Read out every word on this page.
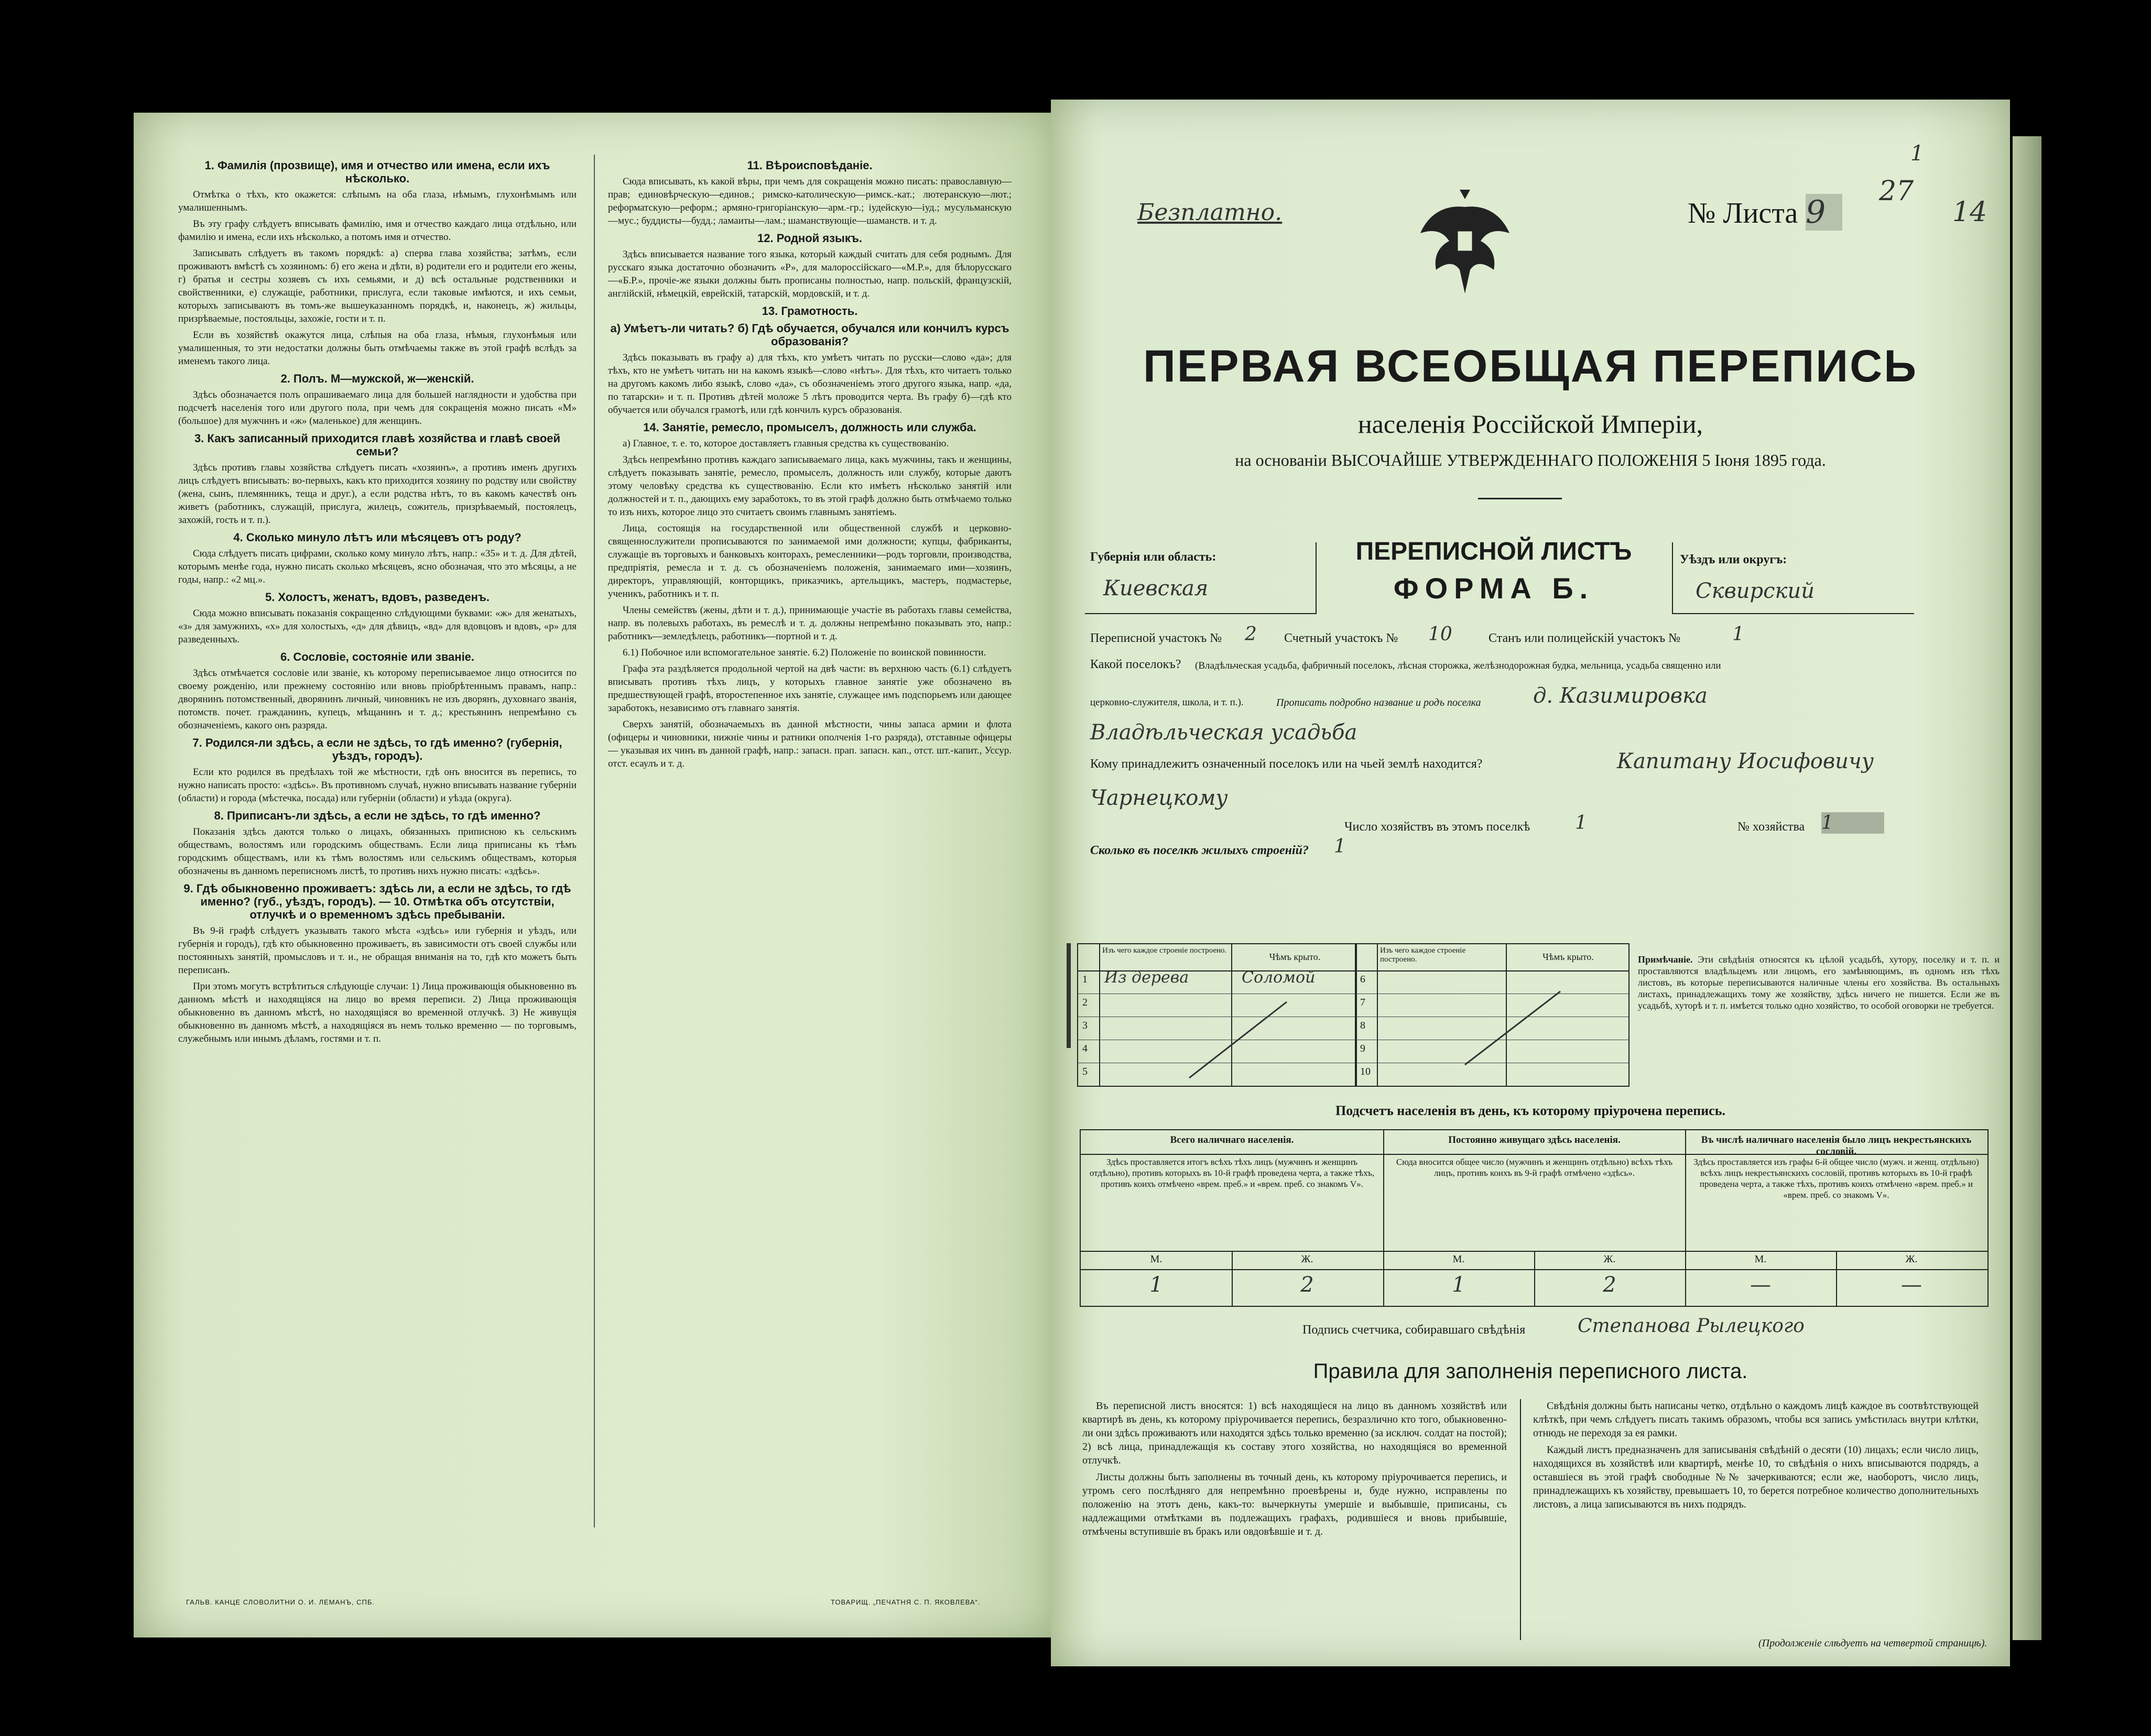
1. Фамилія (прозвище), имя и отчество или имена, если ихъ нѣсколько.

Отмѣтка о тѣхъ, кто окажется: слѣпымъ на оба глаза, нѣмымъ, глухонѣмымъ или умалишеннымъ.

Въ эту графу слѣдуетъ вписывать фамилію, имя и отчество каждаго лица отдѣльно, или фамилію и имена, если ихъ нѣсколько, а потомъ имя и отчество.

Записывать слѣдуетъ въ такомъ порядкѣ: а) сперва глава хозяйства; затѣмъ, если проживаютъ вмѣстѣ съ хозяиномъ: б) его жена и дѣти, в) родители его и родители его жены, г) братья и сестры хозяевъ съ ихъ семьями, и д) всѣ остальные родственники и свойственники, е) служащіе, работники, прислуга, если таковые имѣются, и ихъ семьи, которыхъ записываютъ въ томъ-же вышеуказанномъ порядкѣ, и, наконецъ, ж) жильцы, призрѣваемые, постояльцы, захожіе, гости и т. п.

Если въ хозяйствѣ окажутся лица, слѣпыя на оба глаза, нѣмыя, глухонѣмыя или умалишенныя, то эти недостатки должны быть отмѣчаемы также въ этой графѣ вслѣдъ за именемъ такого лица.

2. Полъ. М—мужской, ж—женскій.

Здѣсь обозначается полъ опрашиваемаго лица для большей наглядности и удобства при подсчетѣ населенія того или другого пола, при чемъ для сокращенія можно писать «М» (большое) для мужчинъ и «ж» (маленькое) для женщинъ.

3. Какъ записанный приходится главѣ хозяйства и главѣ своей семьи?

Здѣсь противъ главы хозяйства слѣдуетъ писать «хозяинъ», а противъ именъ другихъ лицъ слѣдуетъ вписывать: во-первыхъ, какъ кто приходится хозяину по родству или свойству (жена, сынъ, племянникъ, теща и друг.), а если родства нѣтъ, то въ какомъ качествѣ онъ живетъ (работникъ, служащій, прислуга, жилецъ, сожитель, призрѣваемый, постоялецъ, захожій, гость и т. п.).

4. Сколько минуло лѣтъ или мѣсяцевъ отъ роду?

Сюда слѣдуетъ писать цифрами, сколько кому минуло лѣтъ, напр.: «35» и т. д. Для дѣтей, которымъ менѣе года, нужно писать сколько мѣсяцевъ, ясно обозначая, что это мѣсяцы, а не годы, напр.: «2 мц.».

5. Холостъ, женатъ, вдовъ, разведенъ.

Сюда можно вписывать показанія сокращенно слѣдующими буквами: «ж» для женатыхъ, «з» для замужнихъ, «х» для холостыхъ, «д» для дѣвицъ, «вд» для вдовцовъ и вдовъ, «р» для разведенныхъ.

6. Сословіе, состояніе или званіе.

Здѣсь отмѣчается сословіе или званіе, къ которому переписываемое лицо относится по своему рожденію, или прежнему состоянію или вновь пріобрѣтеннымъ правамъ, напр.: дворянинъ потомственный, дворянинъ личный, чиновникъ не изъ дворянъ, духовнаго званія, потомств. почет. гражданинъ, купецъ, мѣщанинъ и т. д.; крестьянинъ непремѣнно съ обозначеніемъ, какого онъ разряда.

7. Родился-ли здѣсь, а если не здѣсь, то гдѣ именно? (губернія, уѣздъ, городъ).

Если кто родился въ предѣлахъ той же мѣстности, гдѣ онъ вносится въ перепись, то нужно написать просто: «здѣсь». Въ противномъ случаѣ, нужно вписывать название губерніи (области) и города (мѣстечка, посада) или губерніи (области) и уѣзда (округа).

8. Приписанъ-ли здѣсь, а если не здѣсь, то гдѣ именно?

Показанія здѣсь даются только о лицахъ, обязанныхъ приписною къ сельскимъ обществамъ, волостямъ или городскимъ обществамъ. Если лица приписаны къ тѣмъ городскимъ обществамъ, или къ тѣмъ волостямъ или сельскимъ обществамъ, которыя обозначены въ данномъ переписномъ листѣ, то противъ нихъ нужно писать: «здѣсь».

9. Гдѣ обыкновенно проживаетъ: здѣсь ли, а если не здѣсь, то гдѣ именно? (губ., уѣздъ, городъ). — 10. Отмѣтка объ отсутствіи, отлучкѣ и о временномъ здѣсь пребываніи.

Въ 9-й графѣ слѣдуетъ указывать такого мѣста «здѣсь» или губернія и уѣздъ, или губернія и городъ), гдѣ кто обыкновенно проживаетъ, въ зависимости отъ своей службы или постоянныхъ занятій, промысловъ и т. и., не обращая вниманія на то, гдѣ кто можетъ быть переписанъ.

При этомъ могутъ встрѣтиться слѣдующіе случаи: 1) Лица проживающія обыкновенно въ данномъ мѣстѣ и находящіяся на лицо во время переписи. 2) Лица проживающія обыкновенно въ данномъ мѣстѣ, но находящіяся во временной отлучкѣ. 3) Не живущія обыкновенно въ данномъ мѣстѣ, а находящіяся въ немъ только временно — по торговымъ, служебнымъ или инымъ дѣламъ, гостями и т. п.

11. Вѣроисповѣданіе.

Сюда вписывать, къ какой вѣры, при чемъ для сокращенія можно писать: православную—прав; единовѣрческую—единов.; римско-католическую—римск.-кат.; лютеранскую—лют.; реформатскую—реформ.; армяно-григоріанскую—арм.-гр.; іудейскую—іуд.; мусульманскую—мус.; буддисты—будд.; ламаиты—лам.; шаманствующіе—шаманств. и т. д.

12. Родной языкъ.

Здѣсь вписывается название того языка, который каждый считать для себя роднымъ. Для русскаго языка достаточно обозначить «Р», для малороссійскаго—«М.Р.», для бѣлорусскаго—«Б.Р.», прочіе-же языки должны быть прописаны полностью, напр. польскій, французскій, англійскій, нѣмецкій, еврейскій, татарскій, мордовскій, и т. д.

13. Грамотность.
а) Умѣетъ-ли читать? б) Гдѣ обучается, обучался или кончилъ курсъ образованія?

Здѣсь показывать въ графу а) для тѣхъ, кто умѣетъ читать по русски—слово «да»; для тѣхъ, кто не умѣетъ читать ни на какомъ языкѣ—слово «нѣтъ». Для тѣхъ, кто читаетъ только на другомъ какомъ либо языкѣ, слово «да», съ обозначеніемъ этого другого языка, напр. «да, по татарски» и т. п. Противъ дѣтей моложе 5 лѣтъ проводится черта. Въ графу б)—гдѣ кто обучается или обучался грамотѣ, или гдѣ кончилъ курсъ образованія.

14. Занятіе, ремесло, промыселъ, должность или служба.

а) Главное, т. е. то, которое доставляетъ главныя средства къ существованію.

Здѣсь непремѣнно противъ каждаго записываемаго лица, какъ мужчины, такъ и женщины, слѣдуетъ показывать занятіе, ремесло, промыселъ, должность или службу, которые даютъ этому человѣку средства къ существованію. Если кто имѣетъ нѣсколько занятій или должностей и т. п., дающихъ ему заработокъ, то въ этой графѣ должно быть отмѣчаемо только то изъ нихъ, которое лицо это считаетъ своимъ главнымъ занятіемъ.

Лица, состоящія на государственной или общественной службѣ и церковно-священнослужители прописываются по занимаемой ими должности; купцы, фабриканты, служащіе въ торговыхъ и банковыхъ конторахъ, ремесленники—родъ торговли, производства, предпріятія, ремесла и т. д. съ обозначеніемъ положенія, занимаемаго ими—хозяинъ, директоръ, управляющій, конторщикъ, приказчикъ, артельщикъ, мастеръ, подмастерье, ученикъ, работникъ и т. п.

Члены семействъ (жены, дѣти и т. д.), принимающіе участіе въ работахъ главы семейства, напр. въ полевыхъ работахъ, въ ремеслѣ и т. д. должны непремѣнно показывать это, напр.: работникъ—земледѣлецъ, работникъ—портной и т. д.

6.1) Побочное или вспомогательное занятіе. 6.2) Положеніе по воинской повинности.

Графа эта раздѣляется продольной чертой на двѣ части: въ верхнюю часть (6.1) слѣдуетъ вписывать противъ тѣхъ лицъ, у которыхъ главное занятіе уже обозначено въ предшествующей графѣ, второстепенное ихъ занятіе, служащее имъ подспорьемъ или дающее заработокъ, независимо отъ главнаго занятія.

Сверхъ занятій, обозначаемыхъ въ данной мѣстности, чины запаса армии и флота (офицеры и чиновники, нижніе чины и ратники ополченія 1-го разряда), отставные офицеры — указывая их чинъ въ данной графѣ, напр.: запасн. прап. запасн. кап., отст. шт.-капит., Уссур. отст. есаулъ и т. д.

ГАЛЬВ. КАНЦЕ СЛОВОЛИТНИ О. И. ЛЕМАНЪ, СПБ.	ТОВАРИЩ. „ПЕЧАТНЯ С. П. ЯКОВЛЕВА“.
Безплатно.	№ Листа 9
27
1
14
ПЕРВАЯ ВСЕОБЩАЯ ПЕРЕПИСЬ
населенія Россійской Имперіи,
на основаніи ВЫСОЧАЙШЕ УТВЕРЖДЕННАГО ПОЛОЖЕНІЯ 5 Іюня 1895 года.
Губернія или область:
Киевская
ПЕРЕПИСНОЙ ЛИСТЪ
ФОРМА Б.
Уѣздъ или округъ:
Сквирский
Переписной участокъ № 2 Счетный участокъ № 10	Станъ или полицейскій участокъ №	1
Какой поселокъ? (Владѣльческая усадьба, фабричный поселокъ, лѣсная сторожка, желѣзнодорожная будка, мельница, усадьба священно или
церковно-служителя, школа, и т. п.).	Прописать подробно название и родъ поселка д. Казимировка
Владѣльческая усадьба
Кому принадлежитъ означенный поселокъ или на чьей землѣ находится?	Капитану Иосифовичу
Чарнецкому
Число хозяйствъ въ этомъ поселкѣ 1	№ хозяйства 1
Сколько въ поселкѣ жилыхъ строеній? 1
Изъ чего каждое строеніе построено.
Чѣмъ крыто.
1 Из дерева	Соломой
2
3
4
5
Изъ чего каждое строеніе построено.	Чѣмъ крыто.
6
7
8
9
10
Примѣчаніе. Эти свѣдѣнія относятся къ цѣлой усадьбѣ, хутору, поселку и т. п. и проставляются владѣльцемъ или лицомъ, его замѣняющимъ, въ одномъ изъ тѣхъ листовъ, въ которые переписываются наличные члены его хозяйства. Въ остальныхъ листахъ, принадлежащихъ тому же хозяйству, здѣсь ничего не пишется. Если же въ усадьбѣ, хуторѣ и т. п. имѣется только одно хозяйство, то особой оговорки не требуется.
Подсчетъ населенія въ день, къ которому пріурочена перепись.
Всего наличнаго населенія.
Здѣсь проставляется итогъ всѣхъ тѣхъ лицъ (мужчинъ и женщинъ отдѣльно), противъ которыхъ въ 10-й графѣ проведена черта, а также тѣхъ, противъ коихъ отмѣчено «врем. преб.» и «врем. преб. со знакомъ V».
М.	Ж.
1	2
Постоянно живущаго здѣсь населенія.
Сюда вносится общее число (мужчинъ и женщинъ отдѣльно) всѣхъ тѣхъ лицъ, противъ коихъ въ 9-й графѣ отмѣчено «здѣсь».
М.	Ж.
1	2
Въ числѣ наличнаго населенія было лицъ некрестьянскихъ сословій.
Здѣсь проставляется изъ графы 6-й общее число (мужч. и женщ. отдѣльно) всѣхъ лицъ некрестьянскихъ сословій, противъ которыхъ въ 10-й графѣ проведена черта, а также тѣхъ, противъ коихъ отмѣчено «врем. преб.» и «врем. преб. со знакомъ V».
М.	Ж.
—	—
Подпись счетчика, собиравшаго свѣдѣнія	Степанова Рылецкого
Правила для заполненія переписного листа.

Въ переписной листъ вносятся: 1) всѣ находящіеся на лицо въ данномъ хозяйствѣ или квартирѣ въ день, къ которому пріурочивается перепись, безразлично кто того, обыкновенно-ли они здѣсь проживаютъ или находятся здѣсь только временно (за исключ. солдат на постой); 2) всѣ лица, принадлежащія къ составу этого хозяйства, но находящіяся во временной отлучкѣ.

Листы должны быть заполнены въ точный день, къ которому пріурочивается перепись, и утромъ сего послѣдняго для непремѣнно проевѣрены и, буде нужно, исправлены по положенію на этотъ день, какъ-то: вычеркнуты умершіе и выбывшіе, приписаны, съ надлежащими отмѣтками въ подлежащихъ графахъ, родившіеся и вновь прибывшіе, отмѣчены вступившіе въ бракъ или овдовѣвшіе и т. д.

Свѣдѣнія должны быть написаны четко, отдѣльно о каждомъ лицѣ каждое въ соотвѣтствующей клѣткѣ, при чемъ слѣдуетъ писать такимъ образомъ, чтобы вся запись умѣстилась внутри клѣтки, отнюдь не переходя за ея рамки.

Каждый листъ предназначенъ для записыванія свѣдѣній о десяти (10) лицахъ; если число лицъ, находящихся въ хозяйствѣ или квартирѣ, менѣе 10, то свѣдѣнія о нихъ вписываются подрядъ, а оставшіеся въ этой графѣ свободные №№ зачеркиваются; если же, наоборотъ, число лицъ, принадлежащихъ къ хозяйству, превышаетъ 10, то берется потребное количество дополнительныхъ листовъ, а лица записываются въ нихъ подрядъ.

(Продолженіе слѣдуетъ на четвертой страницѣ).
